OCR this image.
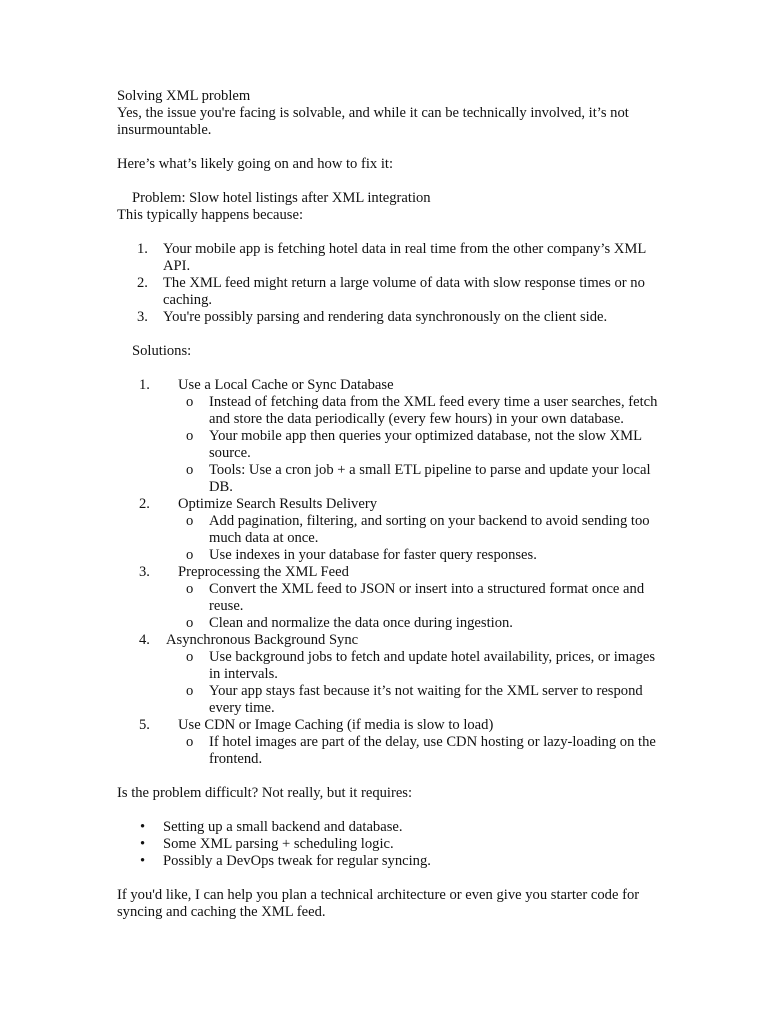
Solving XML problem

Yes, the issue you're facing is solvable, and while it can be technically involved, it’s not insurmountable.

Here’s what’s likely going on and how to fix it:

Problem: Slow hotel listings after XML integration

This typically happens because:

1. Your mobile app is fetching hotel data in real time from the other company’s XML API.
2. The XML feed might return a large volume of data with slow response times or no caching.
3. You're possibly parsing and rendering data synchronously on the client side.

Solutions:

1. Use a Local Cache or Sync Database
o Instead of fetching data from the XML feed every time a user searches, fetch and store the data periodically (every few hours) in your own database.
o Your mobile app then queries your optimized database, not the slow XML source.
o Tools: Use a cron job + a small ETL pipeline to parse and update your local DB.
2. Optimize Search Results Delivery
o Add pagination, filtering, and sorting on your backend to avoid sending too much data at once.
o Use indexes in your database for faster query responses.
3. Preprocessing the XML Feed
o Convert the XML feed to JSON or insert into a structured format once and reuse.
o Clean and normalize the data once during ingestion.
4. Asynchronous Background Sync
o Use background jobs to fetch and update hotel availability, prices, or images in intervals.
o Your app stays fast because it’s not waiting for the XML server to respond every time.
5. Use CDN or Image Caching (if media is slow to load)
o If hotel images are part of the delay, use CDN hosting or lazy-loading on the frontend.

Is the problem difficult? Not really, but it requires:

• Setting up a small backend and database.
• Some XML parsing + scheduling logic.
• Possibly a DevOps tweak for regular syncing.

If you'd like, I can help you plan a technical architecture or even give you starter code for syncing and caching the XML feed.
